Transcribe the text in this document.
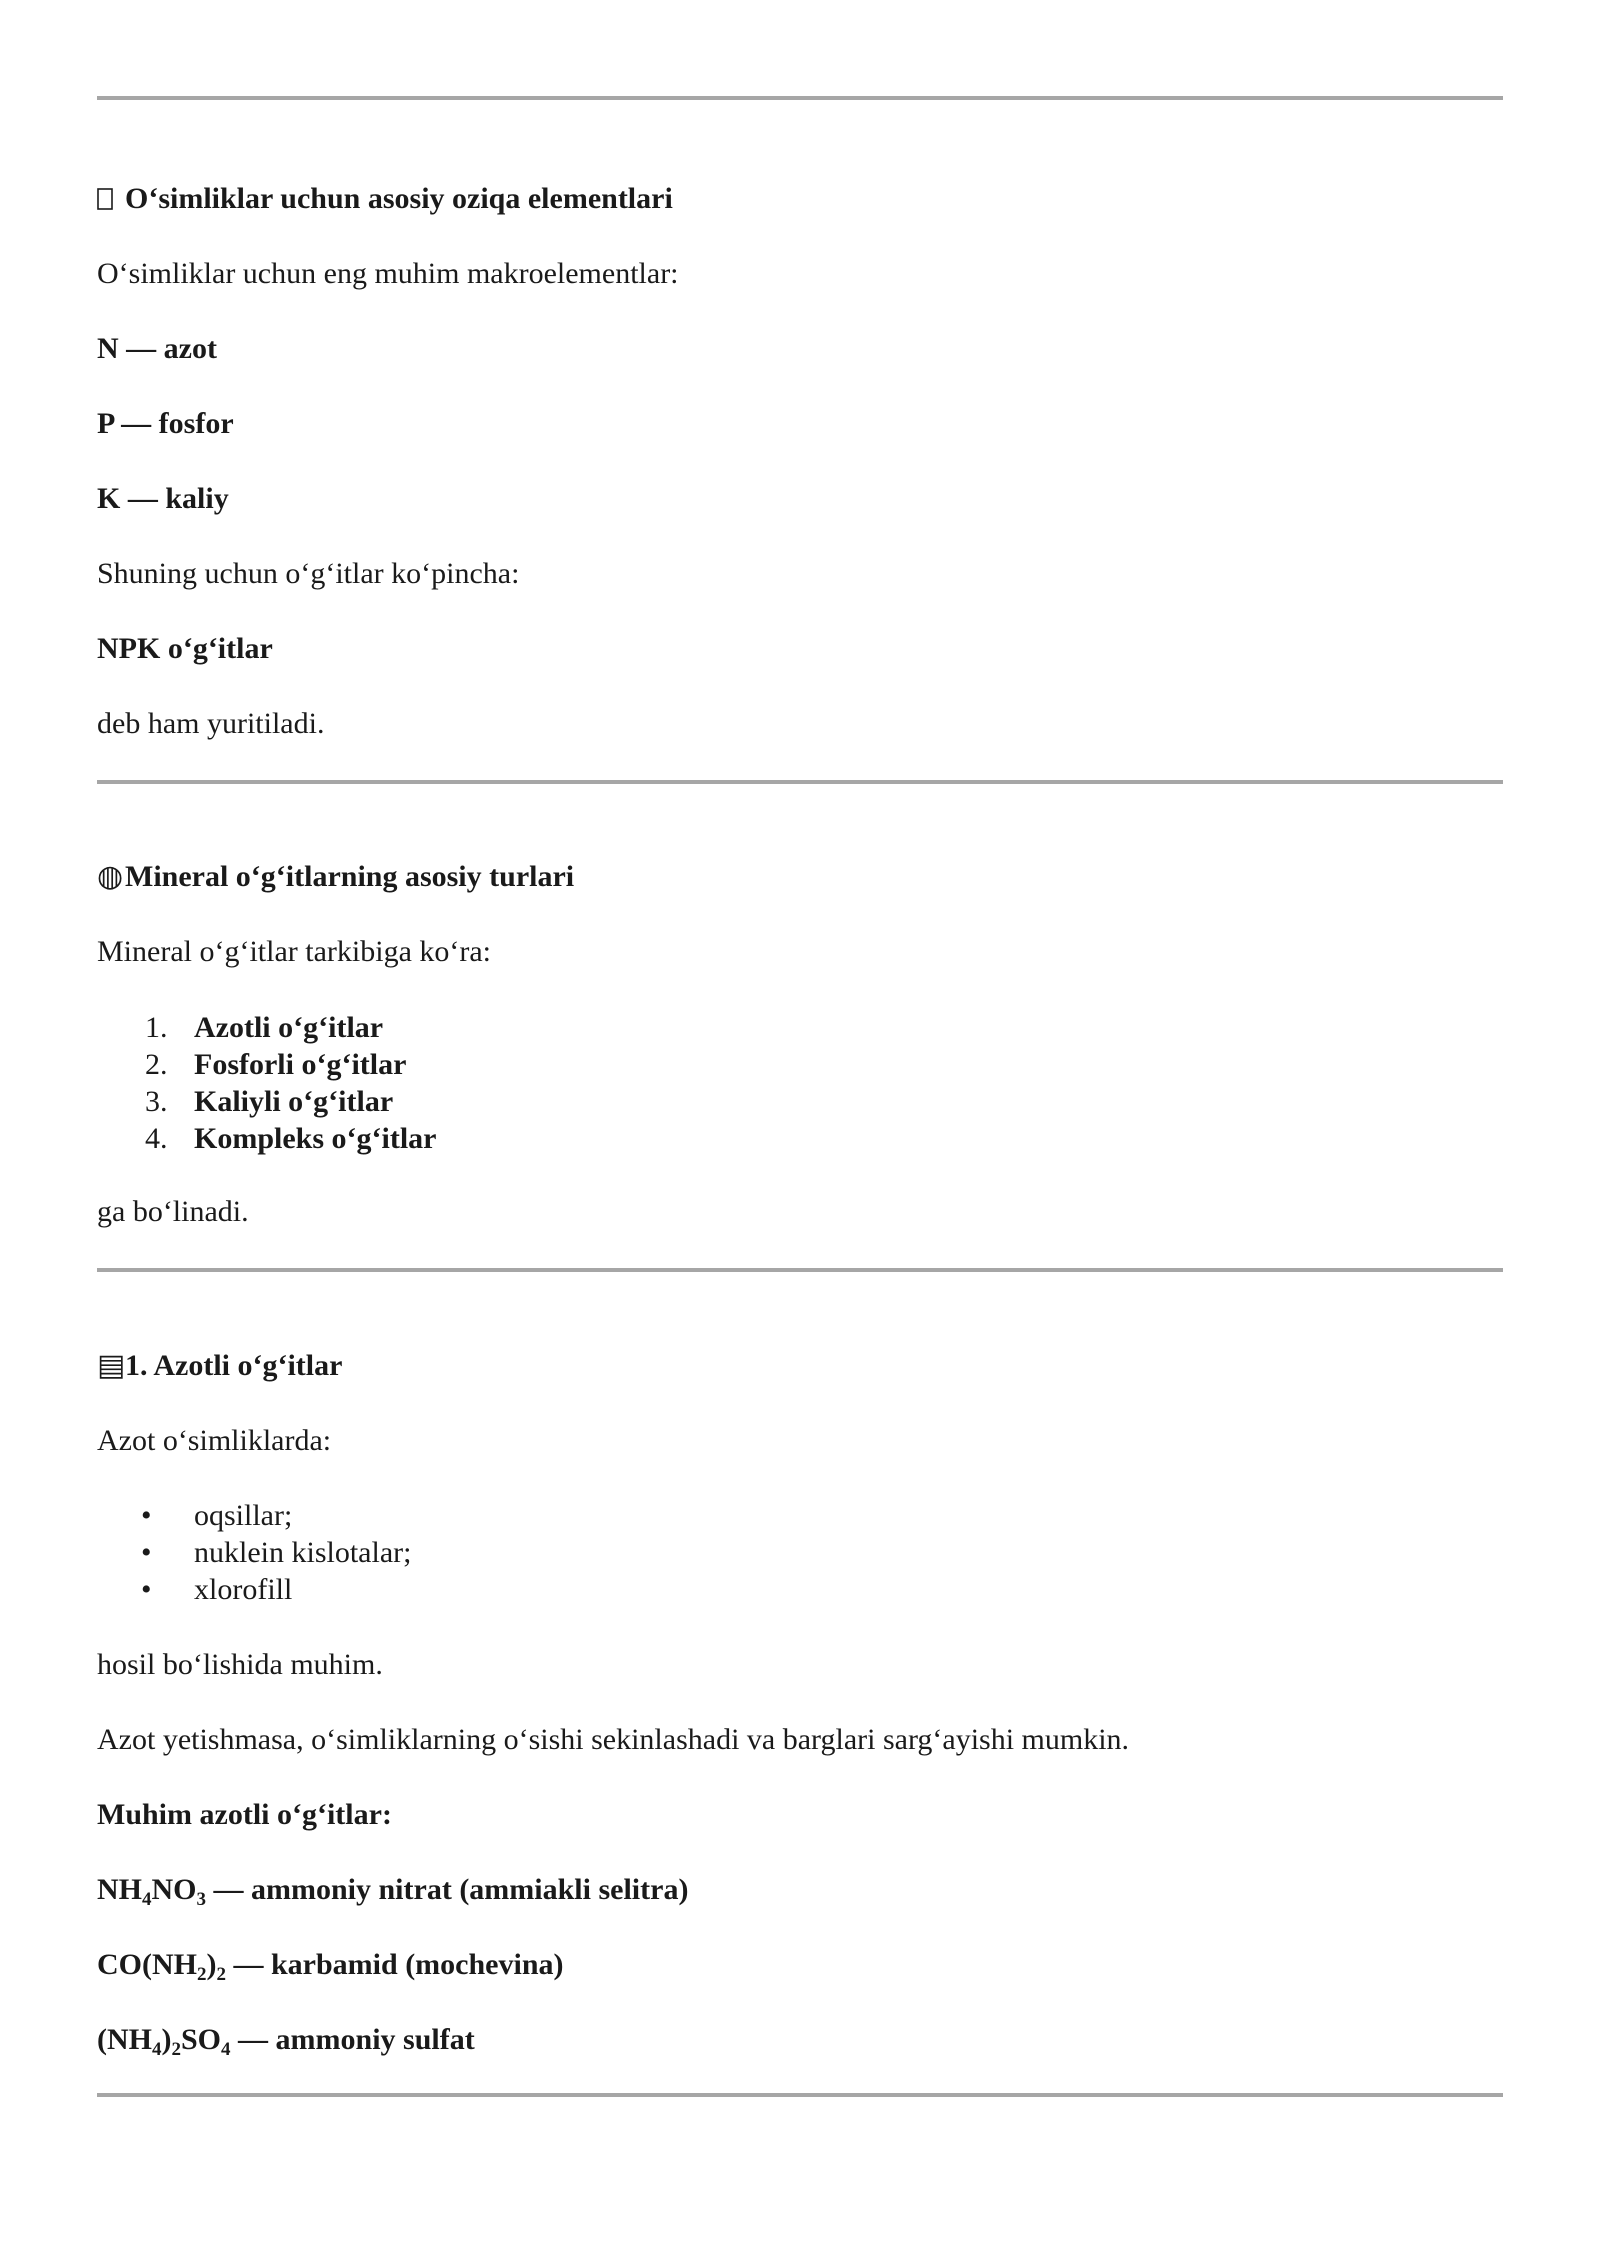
O‘simliklar uchun asosiy oziqa elementlari
O‘simliklar uchun eng muhim makroelementlar:
N — azot
P — fosfor
K — kaliy
Shuning uchun o‘g‘itlar ko‘pincha:
NPK o‘g‘itlar
deb ham yuritiladi.
◍Mineral o‘g‘itlarning asosiy turlari
Mineral o‘g‘itlar tarkibiga ko‘ra:
1. Azotli o‘g‘itlar
2. Fosforli o‘g‘itlar
3. Kaliyli o‘g‘itlar
4. Kompleks o‘g‘itlar
ga bo‘linadi.
▤1. Azotli o‘g‘itlar
Azot o‘simliklarda:
• oqsillar;
• nuklein kislotalar;
• xlorofill
hosil bo‘lishida muhim.
Azot yetishmasa, o‘simliklarning o‘sishi sekinlashadi va barglari sarg‘ayishi mumkin.
Muhim azotli o‘g‘itlar:
$NH_4NO_3$ — ammoniy nitrat (ammiakli selitra)
$CO(NH_2)_2$ — karbamid (mochevina)
$(NH_4)_2SO_4$ — ammoniy sulfat
